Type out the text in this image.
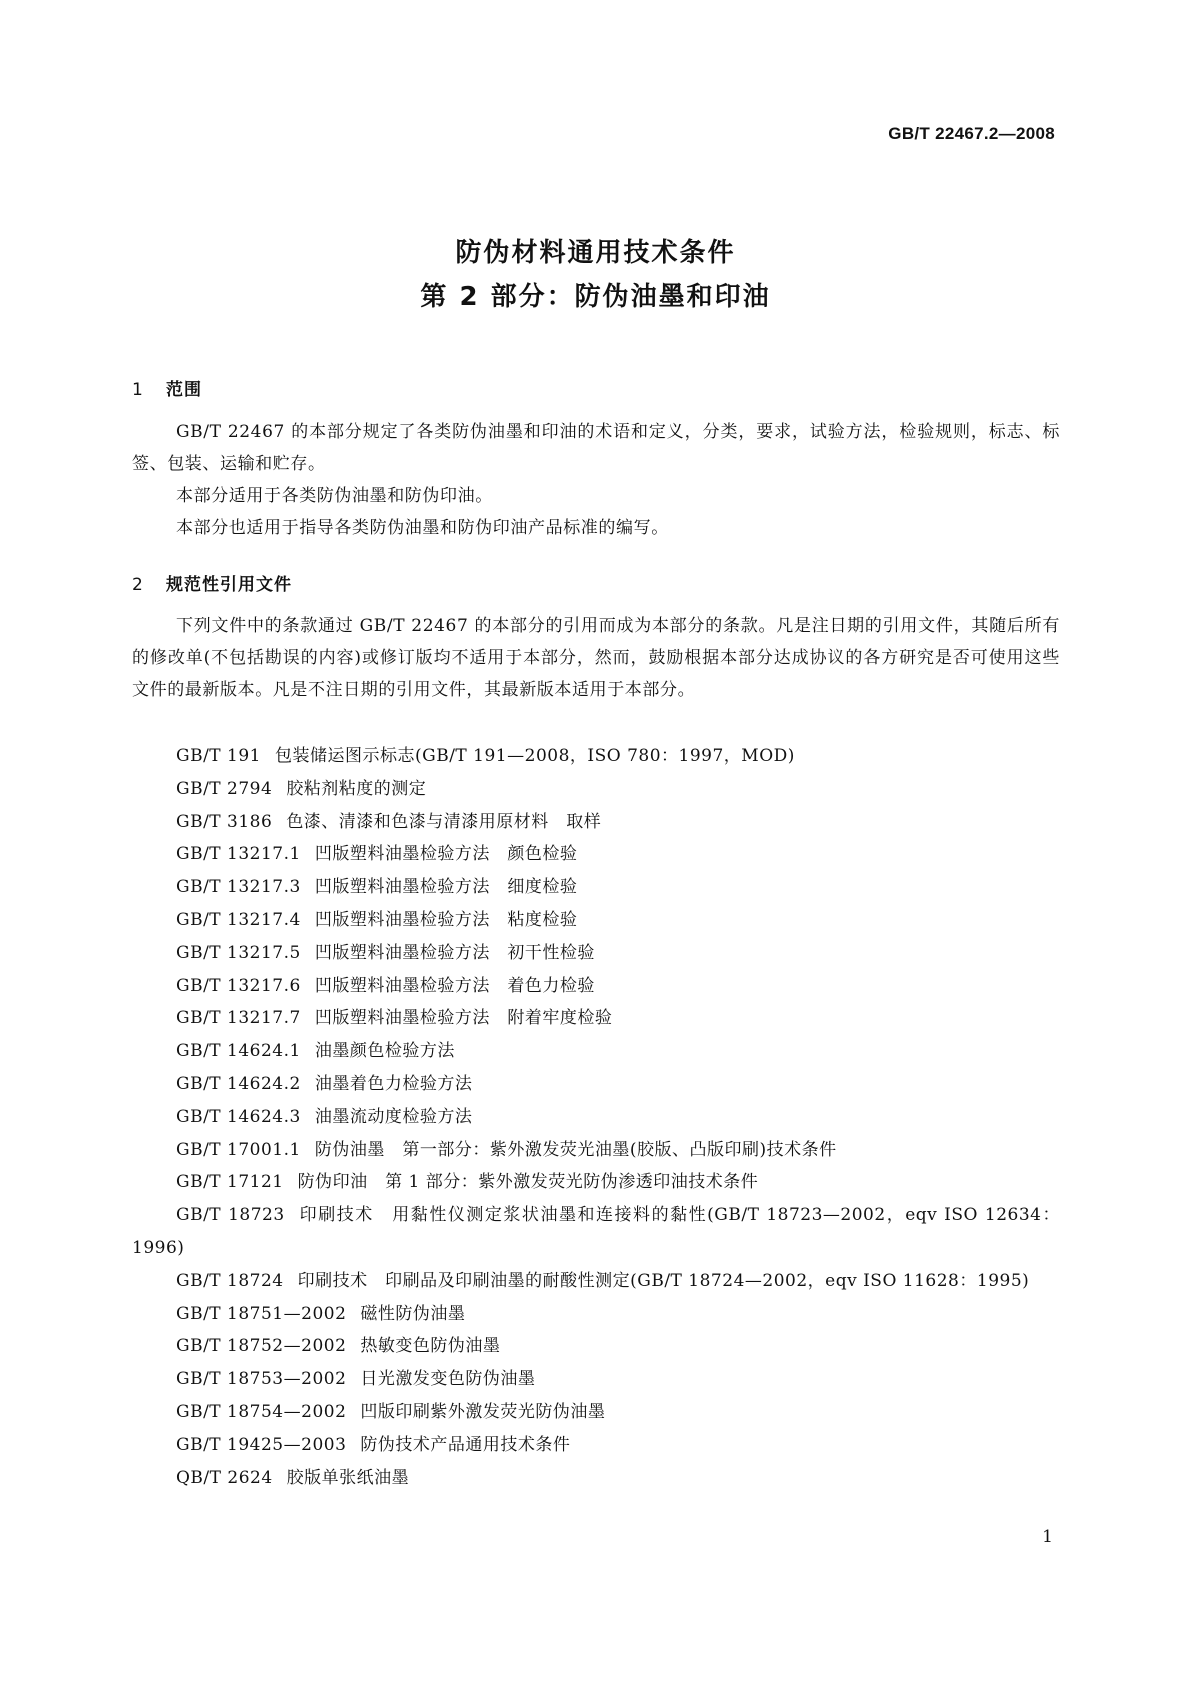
GB/T 22467.2—2008
防伪材料通用技术条件
第 2 部分：防伪油墨和印油
1 范围
GB/T 22467 的本部分规定了各类防伪油墨和印油的术语和定义，分类，要求，试验方法，检验规则，标志、标签、包装、运输和贮存。
本部分适用于各类防伪油墨和防伪印油。
本部分也适用于指导各类防伪油墨和防伪印油产品标准的编写。
2 规范性引用文件
下列文件中的条款通过 GB/T 22467 的本部分的引用而成为本部分的条款。凡是注日期的引用文件，其随后所有的修改单(不包括勘误的内容)或修订版均不适用于本部分，然而，鼓励根据本部分达成协议的各方研究是否可使用这些文件的最新版本。凡是不注日期的引用文件，其最新版本适用于本部分。
GB/T 191 包装储运图示标志(GB/T 191—2008，ISO 780：1997，MOD)
GB/T 2794 胶粘剂粘度的测定
GB/T 3186 色漆、清漆和色漆与清漆用原材料　取样
GB/T 13217.1 凹版塑料油墨检验方法　颜色检验
GB/T 13217.3 凹版塑料油墨检验方法　细度检验
GB/T 13217.4 凹版塑料油墨检验方法　粘度检验
GB/T 13217.5 凹版塑料油墨检验方法　初干性检验
GB/T 13217.6 凹版塑料油墨检验方法　着色力检验
GB/T 13217.7 凹版塑料油墨检验方法　附着牢度检验
GB/T 14624.1 油墨颜色检验方法
GB/T 14624.2 油墨着色力检验方法
GB/T 14624.3 油墨流动度检验方法
GB/T 17001.1 防伪油墨　第一部分：紫外激发荧光油墨(胶版、凸版印刷)技术条件
GB/T 17121 防伪印油　第 1 部分：紫外激发荧光防伪渗透印油技术条件
GB/T 18723 印刷技术　用黏性仪测定浆状油墨和连接料的黏性(GB/T 18723—2002，eqv ISO 12634：1996)
GB/T 18724 印刷技术　印刷品及印刷油墨的耐酸性测定(GB/T 18724—2002，eqv ISO 11628：1995)
GB/T 18751—2002 磁性防伪油墨
GB/T 18752—2002 热敏变色防伪油墨
GB/T 18753—2002 日光激发变色防伪油墨
GB/T 18754—2002 凹版印刷紫外激发荧光防伪油墨
GB/T 19425—2003 防伪技术产品通用技术条件
QB/T 2624 胶版单张纸油墨
1
